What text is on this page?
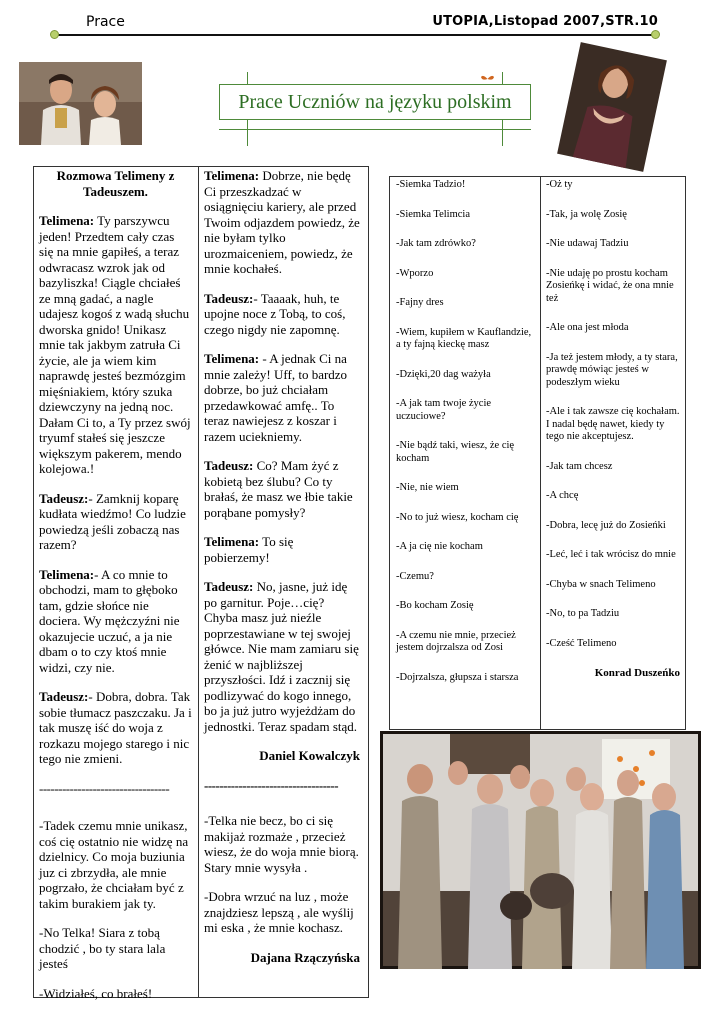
Prace	UTOPIA,Listopad 2007,STR.10
Prace Uczniów na języku polskim

Rozmowa Telimeny z Tadeuszem.

Telimena: Ty parszywcu jeden! Przedtem cały czas się na mnie gapiłeś, a teraz odwracasz wzrok jak od bazyliszka! Ciągle chciałeś ze mną gadać, a nagle udajesz kogoś z wadą słuchu dworska gnido! Unikasz mnie tak jakbym zatruła Ci życie, ale ja wiem kim naprawdę jesteś bezmózgim mięśniakiem, który szuka dziewczyny na jedną noc. Dałam Ci to, a Ty przez swój tryumf stałeś się jeszcze większym pakerem, mendo kolejowa.!

Tadeusz:- Zamknij koparę kudłata wiedźmo! Co ludzie powiedzą jeśli zobaczą nas razem?

Telimena:- A co mnie to obchodzi, mam to głęboko tam, gdzie słońce nie dociera. Wy mężczyźni nie okazujecie uczuć, a ja nie dbam o to czy ktoś mnie widzi, czy nie.

Tadeusz:- Dobra, dobra. Tak sobie tłumacz paszczaku. Ja i tak muszę iść do woja z rozkazu mojego starego i nic tego nie zmieni.

----------------------------------

-Tadek czemu mnie unikasz, coś cię ostatnio nie widzę na dzielnicy. Co moja buziunia juz ci zbrzydła, ale mnie pogrzało, że chciałam być z takim burakiem jak ty.

-No Telka! Siara z tobą chodzić , bo ty stara lala jesteś

-Widziałeś, co brałeś!

Telimena: Dobrze, nie będę Ci przeszkadzać w osiągnięciu kariery, ale przed Twoim odjazdem powiedz, że nie byłam tylko urozmaiceniem, powiedz, że mnie kochałeś.

Tadeusz:- Taaaak, huh, te upojne noce z Tobą, to coś, czego nigdy nie zapomnę.

Telimena: - A jednak Ci na mnie zależy! Uff, to bardzo dobrze, bo już chciałam przedawkować amfę.. To teraz nawiejesz z koszar i razem uciekniemy.

Tadeusz: Co? Mam żyć z kobietą bez ślubu? Co ty brałaś, że masz we łbie takie porąbane pomysły?

Telimena: To się pobierzemy!

Tadeusz: No, jasne, już idę po garnitur. Poje…cię? Chyba masz już nieźle poprzestawiane w tej swojej główce. Nie mam zamiaru się żenić w najbliższej przyszłości. Idź i zacznij się podlizywać do kogo innego, bo ja już jutro wyjeżdżam do jednostki. Teraz spadam stąd.

Daniel Kowalczyk

-----------------------------------

-Telka nie becz, bo ci się makijaż rozmaże , przecież wiesz, że do woja mnie biorą. Stary mnie wysyła .

-Dobra wrzuć na luz , może znajdziesz lepszą , ale wyślij mi eska , że mnie kochasz.

Dajana Rzączyńska

-Siemka Tadzio!

-Siemka Telimcia

-Jak tam zdrówko?

-Wporzo

-Fajny dres

-Wiem, kupiłem w Kauflandzie, a ty fajną kieckę masz

-Dzięki,20 dag ważyła

-A jak tam twoje życie uczuciowe?

-Nie bądź taki, wiesz, że cię kocham

-Nie, nie wiem

-No to już wiesz, kocham cię

-A ja cię nie kocham

-Czemu?

-Bo kocham Zosię

-A czemu nie mnie, przecież jestem dojrzalsza od Zosi

-Dojrzalsza, głupsza i starsza

-Oż ty

-Tak, ja wolę Zosię

-Nie udawaj Tadziu

-Nie udaję po prostu kocham Zosieńkę i widać, że ona mnie też

-Ale ona jest młoda

-Ja też jestem młody, a ty stara, prawdę mówiąc jesteś w podeszłym wieku

-Ale i tak zawsze cię kochałam. I nadal będę nawet, kiedy ty tego nie akceptujesz.

-Jak tam chcesz

-A chcę

-Dobra, lecę już do Zosieńki

-Leć, leć i tak wrócisz do mnie

-Chyba w snach Telimeno

-No, to pa Tadziu

-Cześć Telimeno

Konrad Duszeńko
